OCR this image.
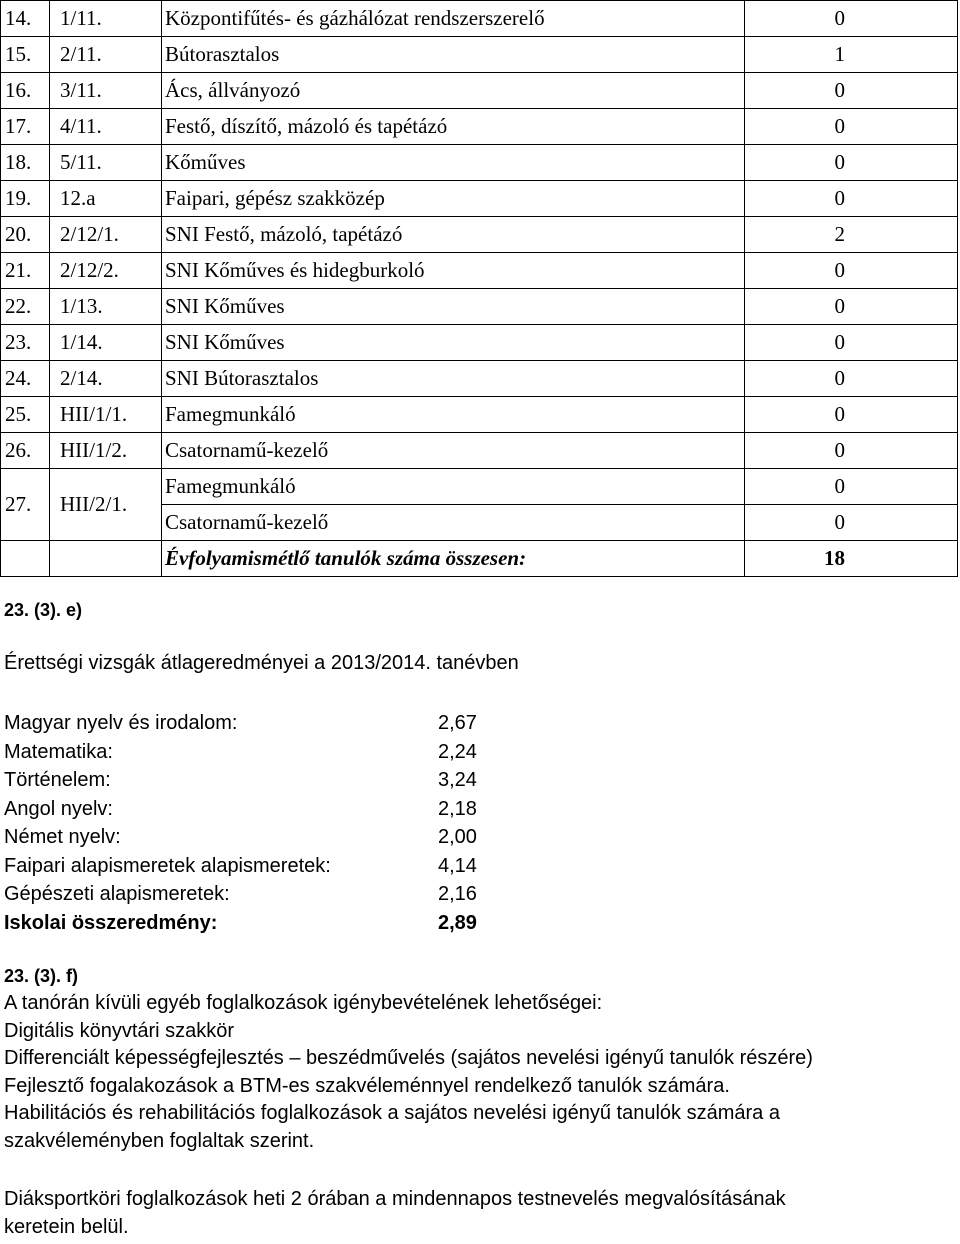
14.	1/11.	Központifűtés- és gázhálózat rendszerszerelő	0
15.	2/11.	Bútorasztalos	1
16.	3/11.	Ács, állványozó	0
17.	4/11.	Festő, díszítő, mázoló és tapétázó	0
18.	5/11.	Kőműves	0
19.	12.a	Faipari, gépész szakközép	0
20.	2/12/1.	SNI Festő, mázoló, tapétázó	2
21.	2/12/2.	SNI Kőműves és hidegburkoló	0
22.	1/13.	SNI Kőműves	0
23.	1/14.	SNI Kőműves	0
24.	2/14.	SNI Bútorasztalos	0
25.	HII/1/1.	Famegmunkáló	0
26.	HII/1/2.	Csatornamű-kezelő	0
27.	HII/2/1.	Famegmunkáló	0
		Csatornamű-kezelő	0
		Évfolyamismétlő tanulók száma összesen:	18
23. (3). e)
Érettségi vizsgák átlageredményei a 2013/2014. tanévben
Magyar nyelv és irodalom:	2,67
Matematika:	2,24
Történelem:	3,24
Angol nyelv:	2,18
Német nyelv:	2,00
Faipari alapismeretek alapismeretek:	4,14
Gépészeti alapismeretek:	2,16
Iskolai összeredmény:	2,89
23. (3). f)
A tanórán kívüli egyéb foglalkozások igénybevételének lehetőségei:
Digitális könyvtári szakkör
Differenciált képességfejlesztés – beszédművelés (sajátos nevelési igényű tanulók részére)
Fejlesztő fogalakozások a BTM-es szakvéleménnyel rendelkező tanulók számára.
Habilitációs és rehabilitációs foglalkozások a sajátos nevelési igényű tanulók számára a
szakvéleményben foglaltak szerint.
Diáksportköri foglalkozások heti 2 órában a mindennapos testnevelés megvalósításának
keretein belül.
